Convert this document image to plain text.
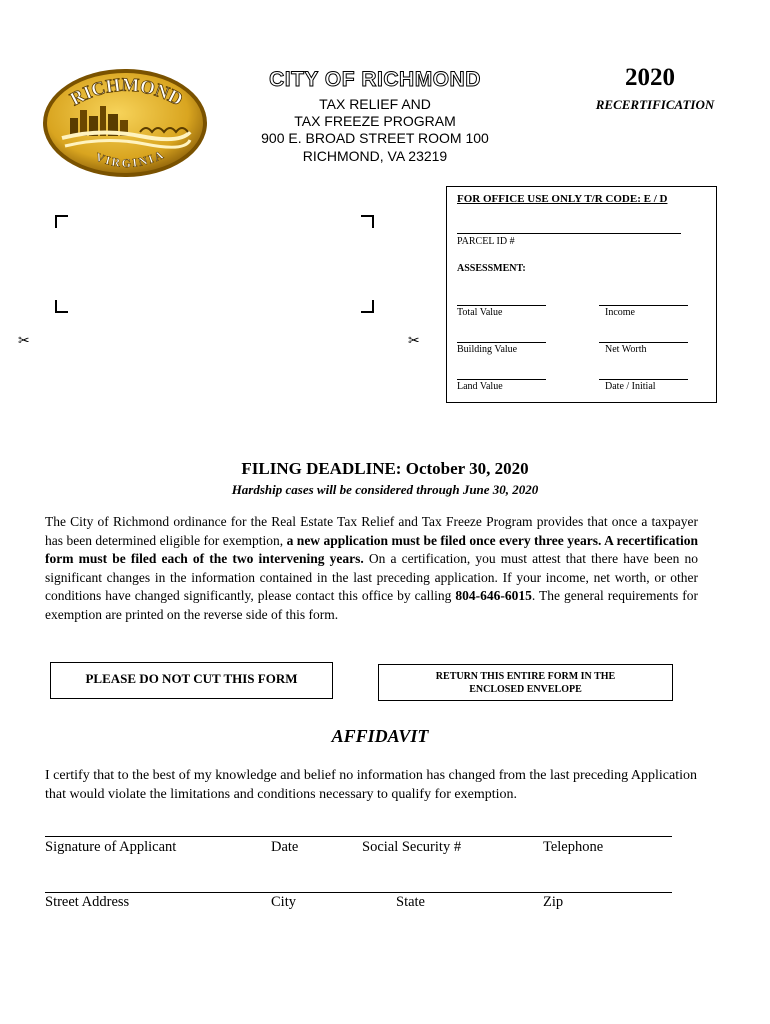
RICHMOND
VIRGINIA
CITY OF RICHMOND
TAX RELIEF AND
TAX FREEZE PROGRAM
900 E. BROAD STREET ROOM 100
RICHMOND, VA 23219
2020
RECERTIFICATION
✂	✂
FOR OFFICE USE ONLY T/R CODE: E / D
PARCEL ID #
ASSESSMENT:
Total Value	Income
Building Value	Net Worth
Land Value	Date / Initial
FILING DEADLINE: October 30, 2020
Hardship cases will be considered through June 30, 2020
The City of Richmond ordinance for the Real Estate Tax Relief and Tax Freeze Program provides that once a taxpayer has been determined eligible for exemption, a new application must be filed once every three years. A recertification form must be filed each of the two intervening years. On a certification, you must attest that there have been no significant changes in the information contained in the last preceding application. If your income, net worth, or other conditions have changed significantly, please contact this office by calling 804-646-6015. The general requirements for exemption are printed on the reverse side of this form.
PLEASE DO NOT CUT THIS FORM	RETURN THIS ENTIRE FORM IN THE
ENCLOSED ENVELOPE
AFFIDAVIT
I certify that to the best of my knowledge and belief no information has changed from the last preceding Application that would violate the limitations and conditions necessary to qualify for exemption.
Signature of Applicant	Date	Social Security #	Telephone
Street Address	City	State	Zip
